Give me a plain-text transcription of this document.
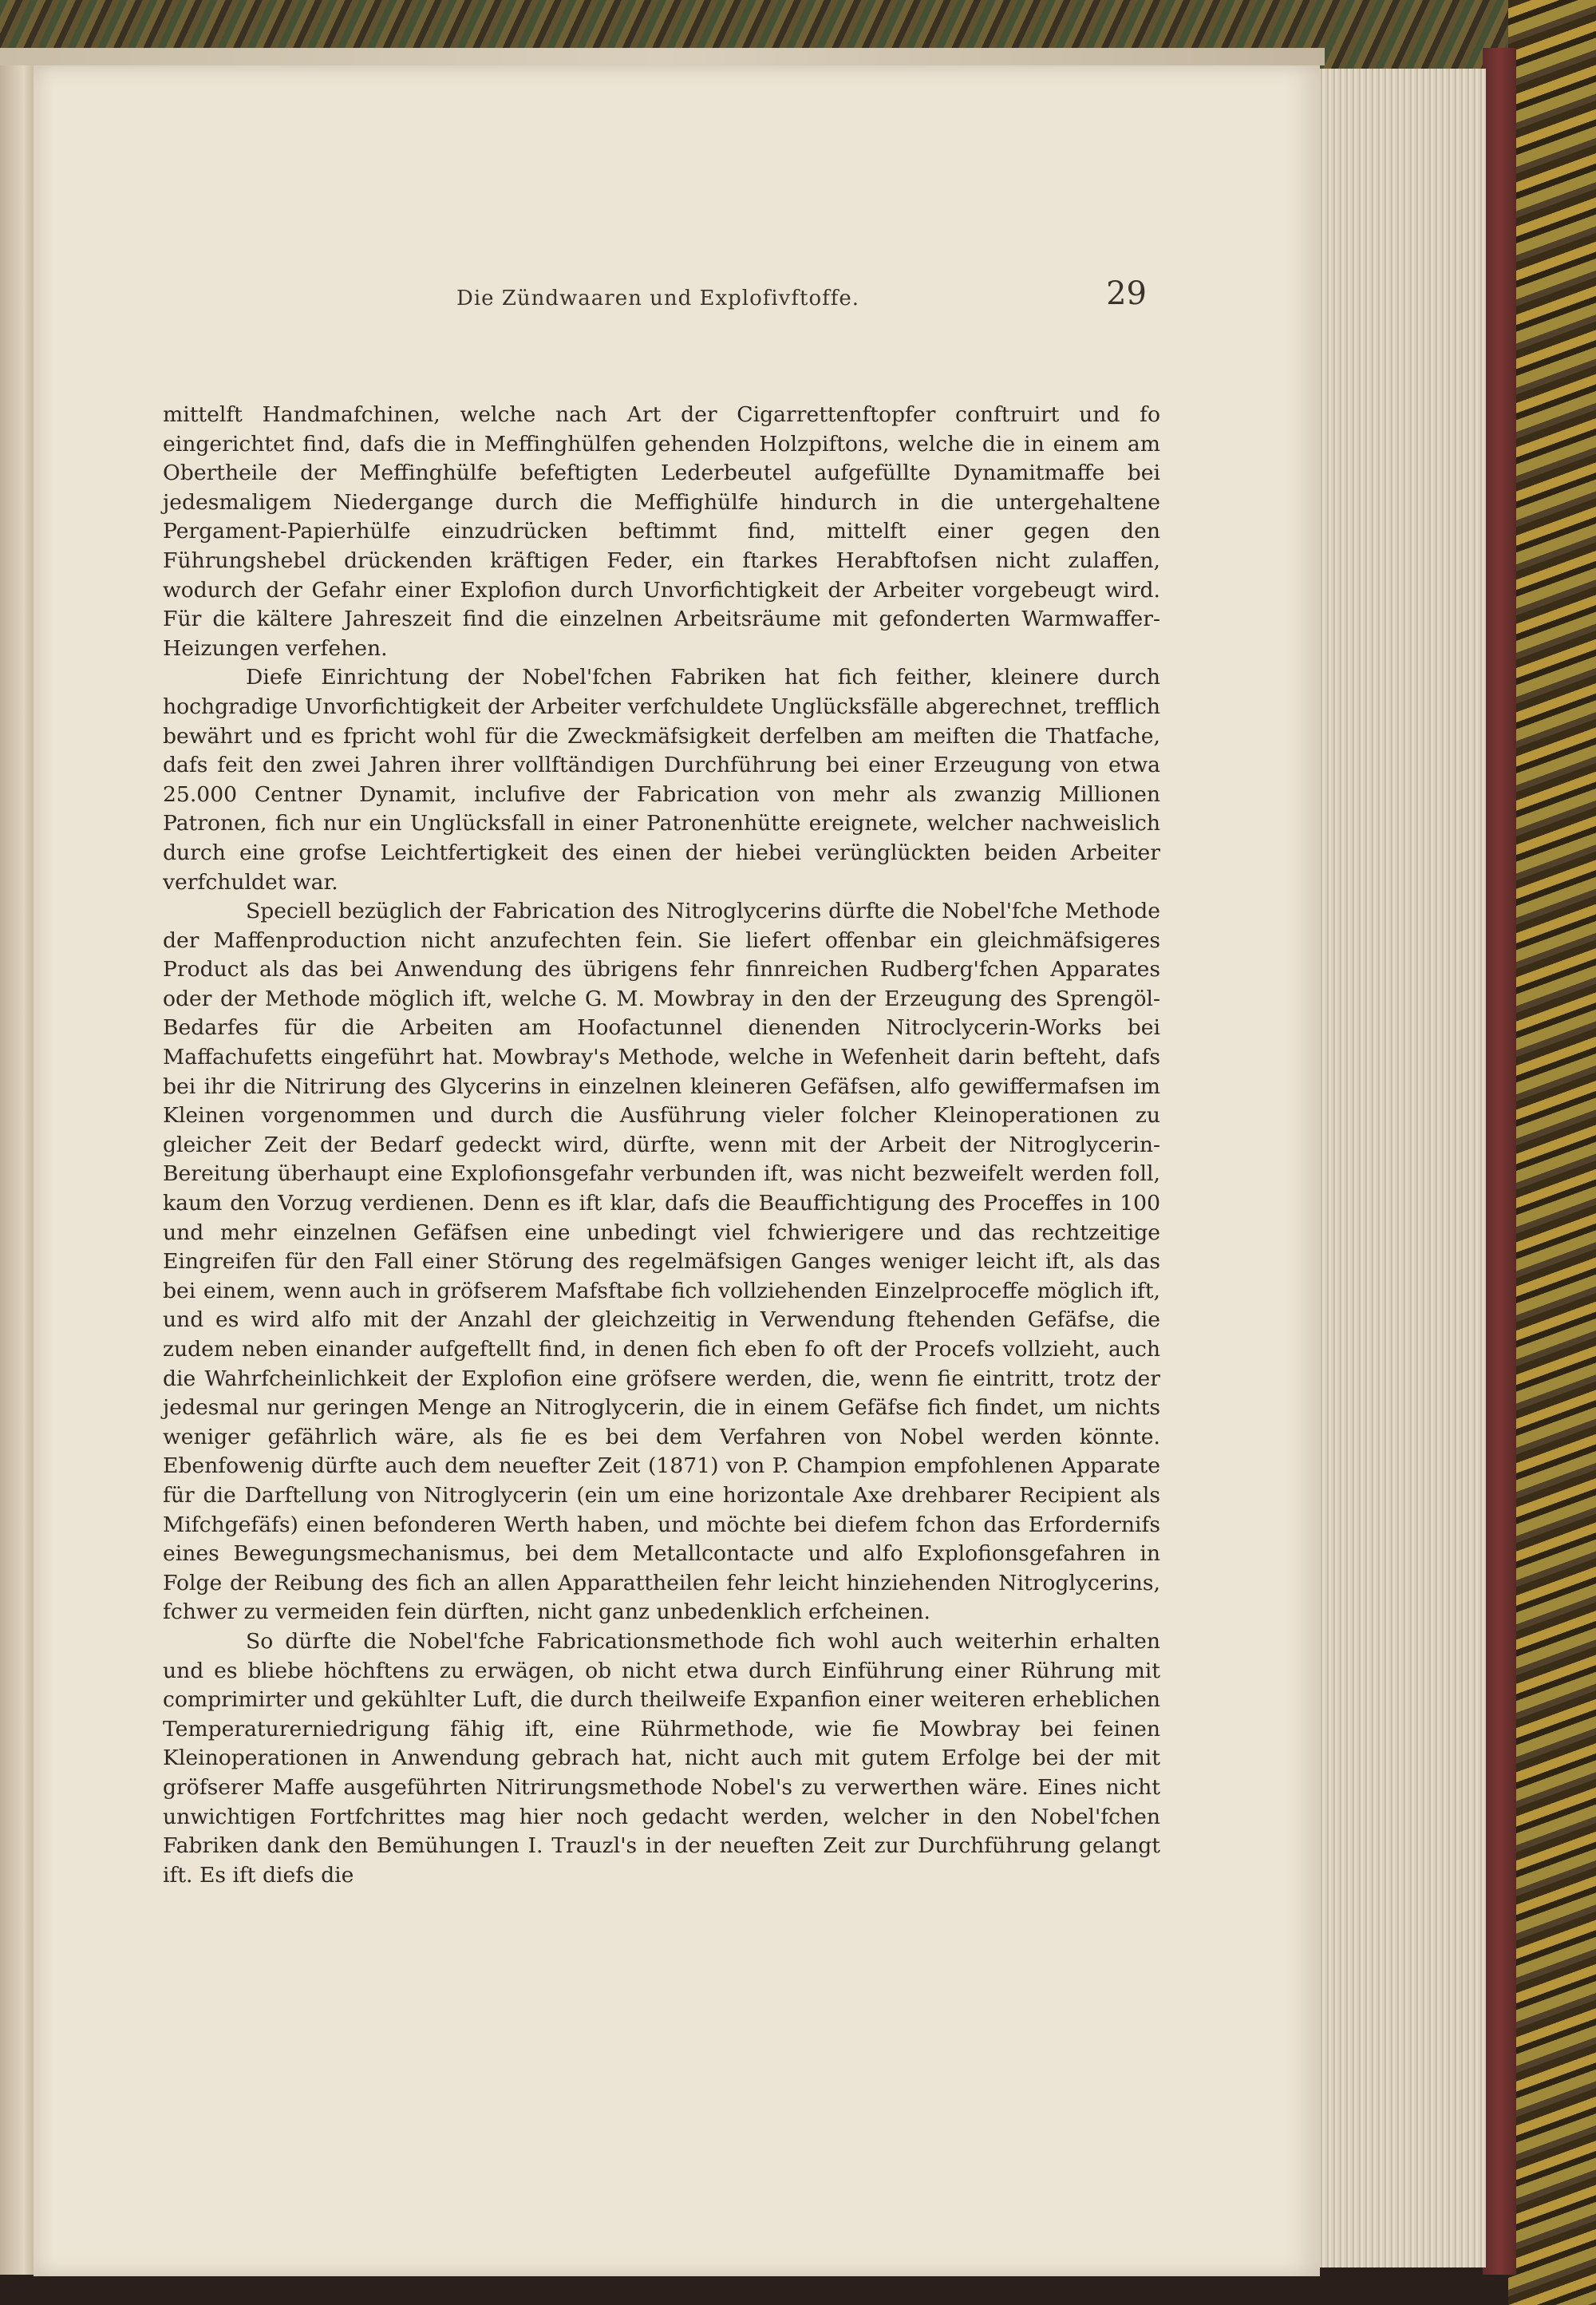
Die Zündwaaren und Explofivftoffe.	29

mittelft Handmafchinen, welche nach Art der Cigarrettenftopfer conftruirt und fo eingerichtet find, dafs die in Meffinghülfen gehenden Holzpiftons, welche die in einem am Obertheile der Meffinghülfe befeftigten Lederbeutel aufgefüllte Dynamitmaffe bei jedesmaligem Niedergange durch die Meffighülfe hindurch in die untergehaltene Pergament-Papierhülfe einzudrücken beftimmt find, mittelft einer gegen den Führungshebel drückenden kräftigen Feder, ein ftarkes Herabftofsen nicht zulaffen, wodurch der Gefahr einer Explofion durch Unvorfichtigkeit der Arbeiter vorgebeugt wird. Für die kältere Jahreszeit find die einzelnen Arbeitsräume mit gefonderten Warmwaffer-Heizungen verfehen.

Diefe Einrichtung der Nobel'fchen Fabriken hat fich feither, kleinere durch hochgradige Unvorfichtigkeit der Arbeiter verfchuldete Unglücksfälle abgerechnet, trefflich bewährt und es fpricht wohl für die Zweckmäfsigkeit derfelben am meiften die Thatfache, dafs feit den zwei Jahren ihrer vollftändigen Durchführung bei einer Erzeugung von etwa 25.000 Centner Dynamit, inclufive der Fabrication von mehr als zwanzig Millionen Patronen, fich nur ein Unglücksfall in einer Patronenhütte ereignete, welcher nachweislich durch eine grofse Leichtfertigkeit des einen der hiebei verünglückten beiden Arbeiter verfchuldet war.

Speciell bezüglich der Fabrication des Nitroglycerins dürfte die Nobel'fche Methode der Maffenproduction nicht anzufechten fein. Sie liefert offenbar ein gleichmäfsigeres Product als das bei Anwendung des übrigens fehr finnreichen Rudberg'fchen Apparates oder der Methode möglich ift, welche G. M. Mowbray in den der Erzeugung des Sprengöl-Bedarfes für die Arbeiten am Hoofactunnel dienenden Nitroclycerin-Works bei Maffachufetts eingeführt hat. Mowbray's Methode, welche in Wefenheit darin befteht, dafs bei ihr die Nitrirung des Glycerins in einzelnen kleineren Gefäfsen, alfo gewiffermafsen im Kleinen vorgenommen und durch die Ausführung vieler folcher Kleinoperationen zu gleicher Zeit der Bedarf gedeckt wird, dürfte, wenn mit der Arbeit der Nitroglycerin-Bereitung überhaupt eine Explofionsgefahr verbunden ift, was nicht bezweifelt werden foll, kaum den Vorzug verdienen. Denn es ift klar, dafs die Beauffichtigung des Proceffes in 100 und mehr einzelnen Gefäfsen eine unbedingt viel fchwierigere und das rechtzeitige Eingreifen für den Fall einer Störung des regelmäfsigen Ganges weniger leicht ift, als das bei einem, wenn auch in gröfserem Mafsftabe fich vollziehenden Einzelproceffe möglich ift, und es wird alfo mit der Anzahl der gleichzeitig in Verwendung ftehenden Gefäfse, die zudem neben einander aufgeftellt find, in denen fich eben fo oft der Procefs vollzieht, auch die Wahrfcheinlichkeit der Explofion eine gröfsere werden, die, wenn fie eintritt, trotz der jedesmal nur geringen Menge an Nitroglycerin, die in einem Gefäfse fich findet, um nichts weniger gefährlich wäre, als fie es bei dem Verfahren von Nobel werden könnte. Ebenfowenig dürfte auch dem neuefter Zeit (1871) von P. Champion empfohlenen Apparate für die Darftellung von Nitroglycerin (ein um eine horizontale Axe drehbarer Recipient als Mifchgefäfs) einen befonderen Werth haben, und möchte bei diefem fchon das Erfordernifs eines Bewegungsmechanismus, bei dem Metallcontacte und alfo Explofionsgefahren in Folge der Reibung des fich an allen Apparattheilen fehr leicht hinziehenden Nitroglycerins, fchwer zu vermeiden fein dürften, nicht ganz unbedenklich erfcheinen.

So dürfte die Nobel'fche Fabricationsmethode fich wohl auch weiterhin erhalten und es bliebe höchftens zu erwägen, ob nicht etwa durch Einführung einer Rührung mit comprimirter und gekühlter Luft, die durch theilweife Expanfion einer weiteren erheblichen Temperaturerniedrigung fähig ift, eine Rührmethode, wie fie Mowbray bei feinen Kleinoperationen in Anwendung gebrach hat, nicht auch mit gutem Erfolge bei der mit gröfserer Maffe ausgeführten Nitrirungsmethode Nobel's zu verwerthen wäre. Eines nicht unwichtigen Fortfchrittes mag hier noch gedacht werden, welcher in den Nobel'fchen Fabriken dank den Bemühungen I. Trauzl's in der neueften Zeit zur Durchführung gelangt ift. Es ift diefs die
